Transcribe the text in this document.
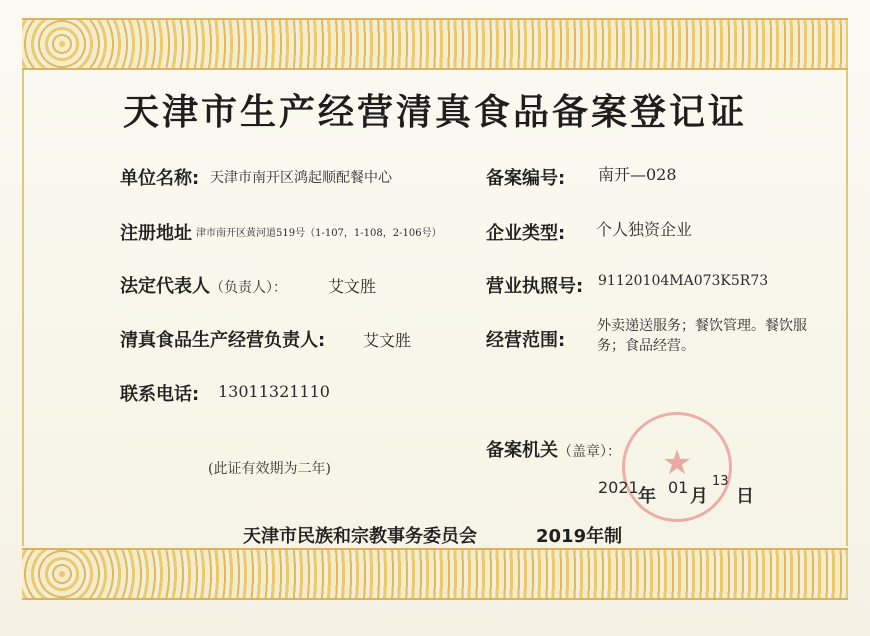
天津市生产经营清真食品备案登记证
单位名称: 天津市南开区鸿起顺配餐中心
注册地址 津市南开区黄河道519号（1-107，1-108，2-106号）
法定代表人（负责人）：	艾文胜
清真食品生产经营负责人: 艾文胜
联系电话: 13011321110
备案编号: 南开—028
企业类型: 个人独资企业
营业执照号: 91120104MA073K5R73
经营范围:
外卖递送服务；餐饮管理。餐饮服务；食品经营。
备案机关（盖章）：	★
(此证有效期为二年)
2021 年 01 月
13
日
天津市民族和宗教事务委员会	2019年制
